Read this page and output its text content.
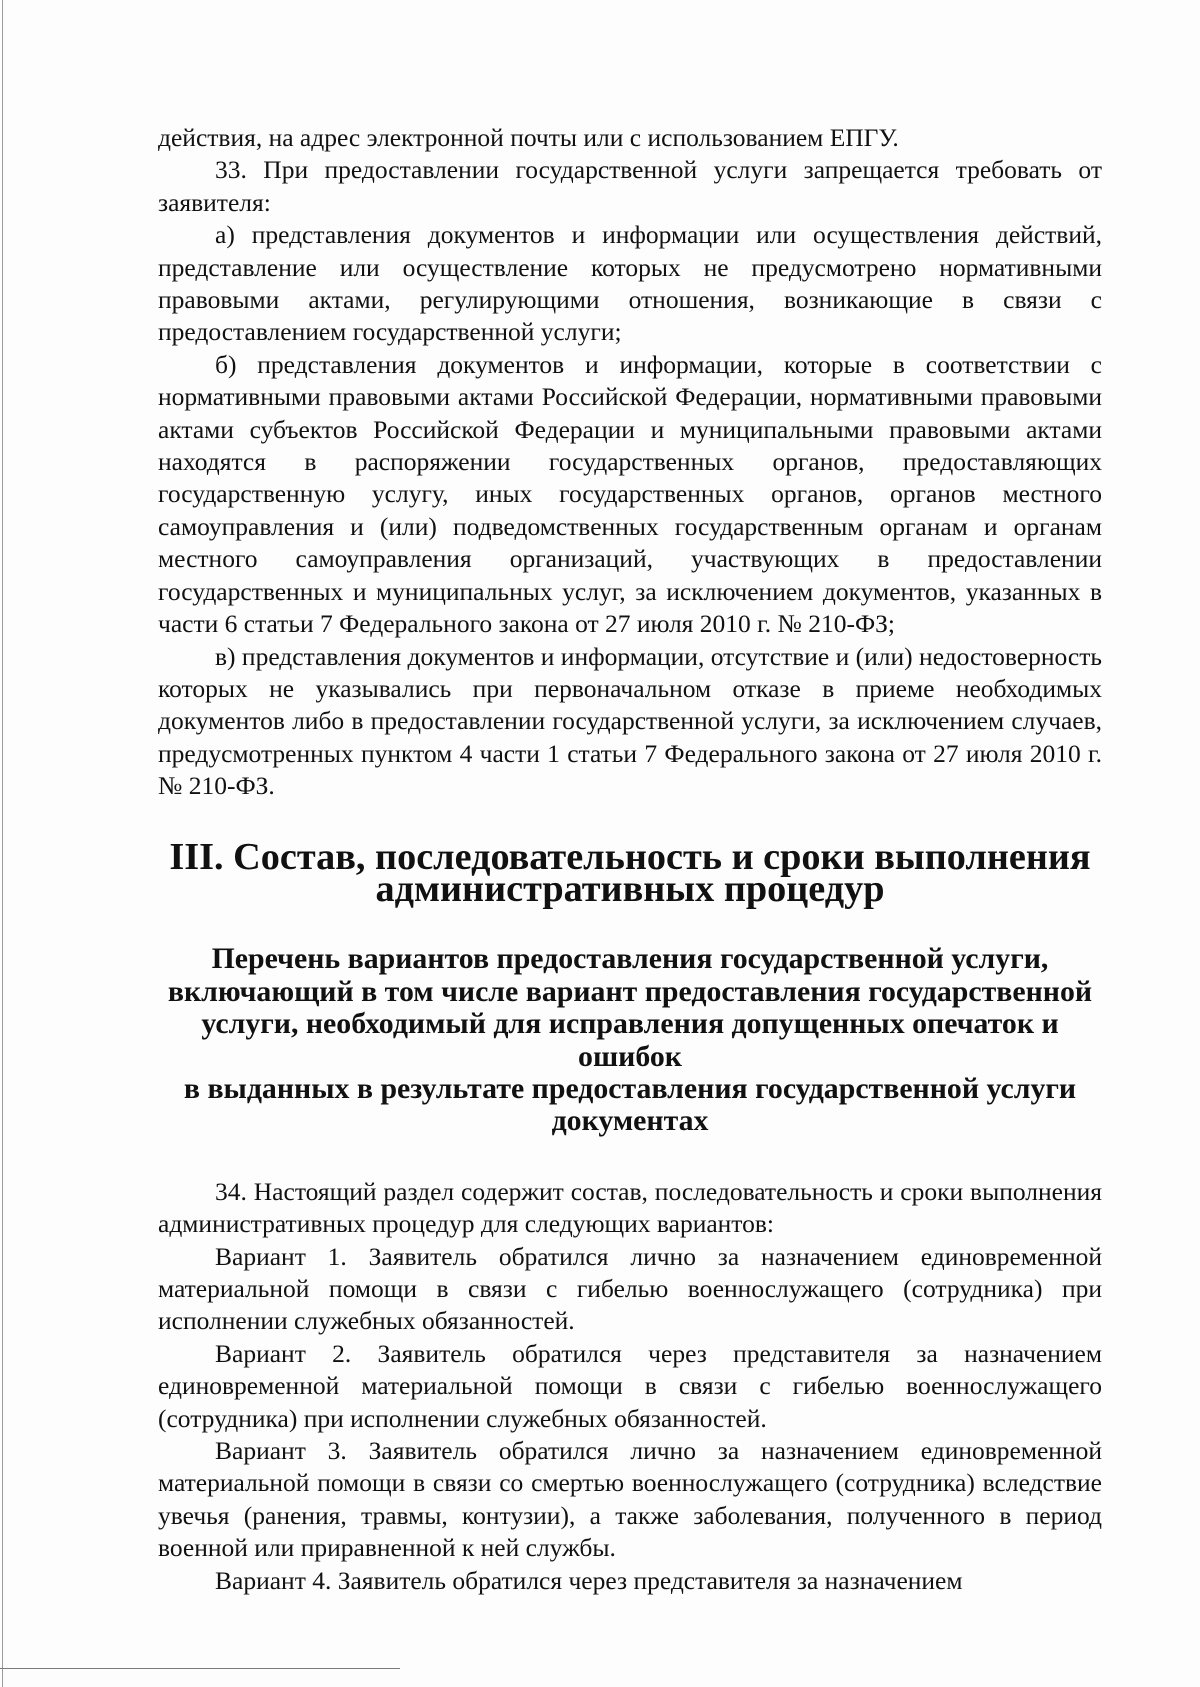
действия, на адрес электронной почты или с использованием ЕПГУ.

33. При предоставлении государственной услуги запрещается требовать от заявителя:

а) представления документов и информации или осуществления действий, представление или осуществление которых не предусмотрено нормативными правовыми актами, регулирующими отношения, возникающие в связи с предоставлением государственной услуги;

б) представления документов и информации, которые в соответствии с нормативными правовыми актами Российской Федерации, нормативными правовыми актами субъектов Российской Федерации и муниципальными правовыми актами находятся в распоряжении государственных органов, предоставляющих государственную услугу, иных государственных органов, органов местного самоуправления и (или) подведомственных государственным органам и органам местного самоуправления организаций, участвующих в предоставлении государственных и муниципальных услуг, за исключением документов, указанных в части 6 статьи 7 Федерального закона от 27 июля 2010 г. № 210-ФЗ;

в) представления документов и информации, отсутствие и (или) недостоверность которых не указывались при первоначальном отказе в приеме необходимых документов либо в предоставлении государственной услуги, за исключением случаев, предусмотренных пунктом 4 части 1 статьи 7 Федерального закона от 27 июля 2010 г. № 210-ФЗ.

III. Состав, последовательность и сроки выполнения
административных процедур
Перечень вариантов предоставления государственной услуги,
включающий в том числе вариант предоставления государственной
услуги, необходимый для исправления допущенных опечаток и ошибок
в выданных в результате предоставления государственной услуги
документах

34. Настоящий раздел содержит состав, последовательность и сроки выполнения административных процедур для следующих вариантов:

Вариант 1. Заявитель обратился лично за назначением единовременной материальной помощи в связи с гибелью военнослужащего (сотрудника) при исполнении служебных обязанностей.

Вариант 2. Заявитель обратился через представителя за назначением единовременной материальной помощи в связи с гибелью военнослужащего (сотрудника) при исполнении служебных обязанностей.

Вариант 3. Заявитель обратился лично за назначением единовременной материальной помощи в связи со смертью военнослужащего (сотрудника) вследствие увечья (ранения, травмы, контузии), а также заболевания, полученного в период военной или приравненной к ней службы.

Вариант 4. Заявитель обратился через представителя за назначением
